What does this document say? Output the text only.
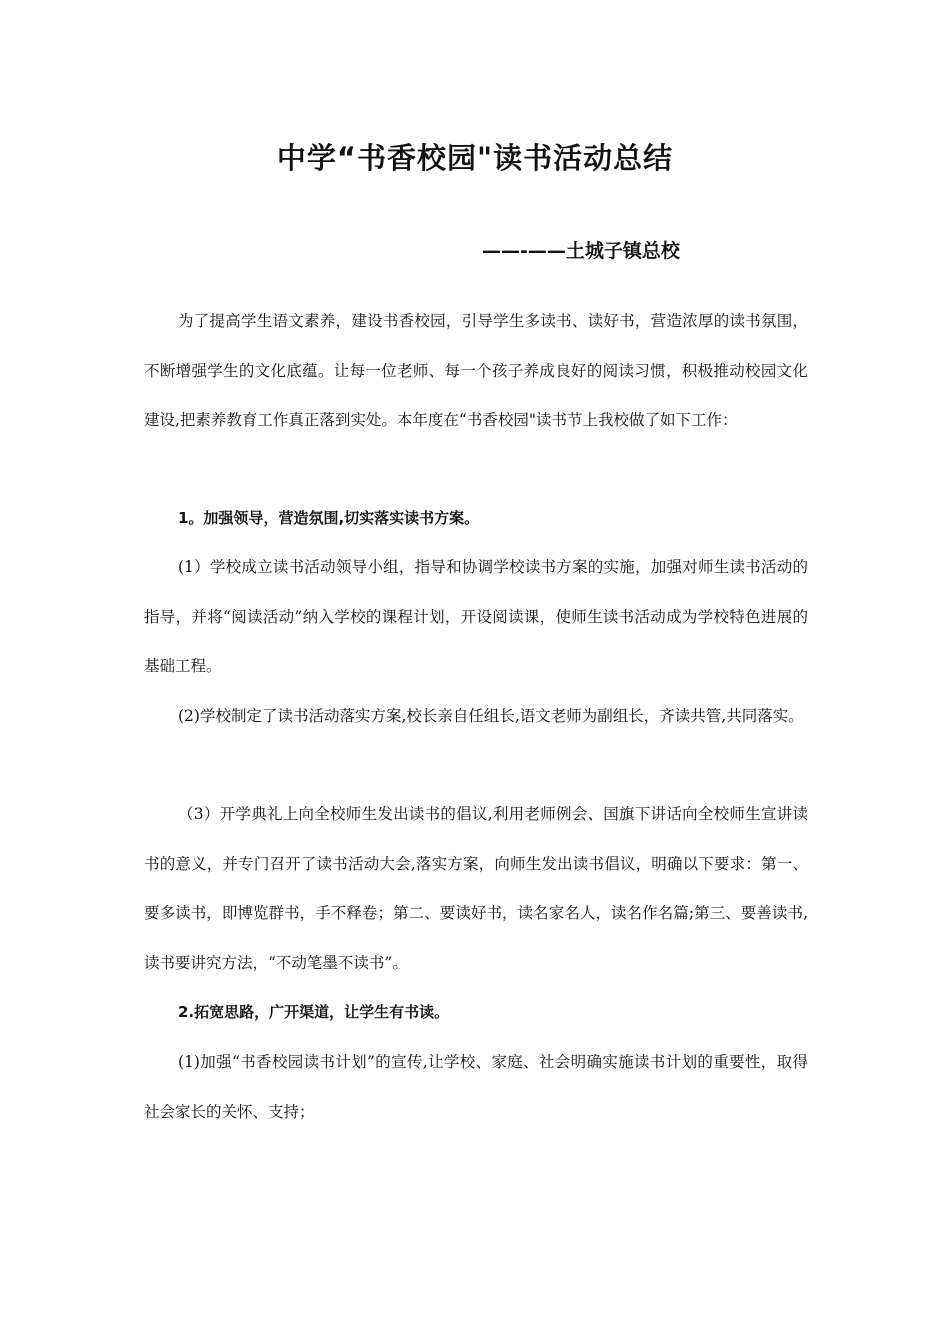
中学“书香校园"读书活动总结

——-——土城子镇总校

为了提高学生语文素养，建设书香校园，引导学生多读书、读好书，营造浓厚的读书氛围，不断增强学生的文化底蕴。让每一位老师、每一个孩子养成良好的阅读习惯，积极推动校园文化建设,把素养教育工作真正落到实处。本年度在“书香校园"读书节上我校做了如下工作：

1。加强领导，营造氛围,切实落实读书方案。

(1）学校成立读书活动领导小组，指导和协调学校读书方案的实施，加强对师生读书活动的指导，并将“阅读活动”纳入学校的课程计划，开设阅读课，使师生读书活动成为学校特色进展的基础工程。

(2)学校制定了读书活动落实方案,校长亲自任组长,语文老师为副组长，齐读共管,共同落实。

（3）开学典礼上向全校师生发出读书的倡议,利用老师例会、国旗下讲话向全校师生宣讲读书的意义，并专门召开了读书活动大会,落实方案，向师生发出读书倡议，明确以下要求：第一、要多读书，即博览群书，手不释卷；第二、要读好书，读名家名人，读名作名篇;第三、要善读书,读书要讲究方法，“不动笔墨不读书”。

2.拓宽思路，广开渠道，让学生有书读。

(1)加强“书香校园读书计划”的宣传,让学校、家庭、社会明确实施读书计划的重要性，取得社会家长的关怀、支持；
